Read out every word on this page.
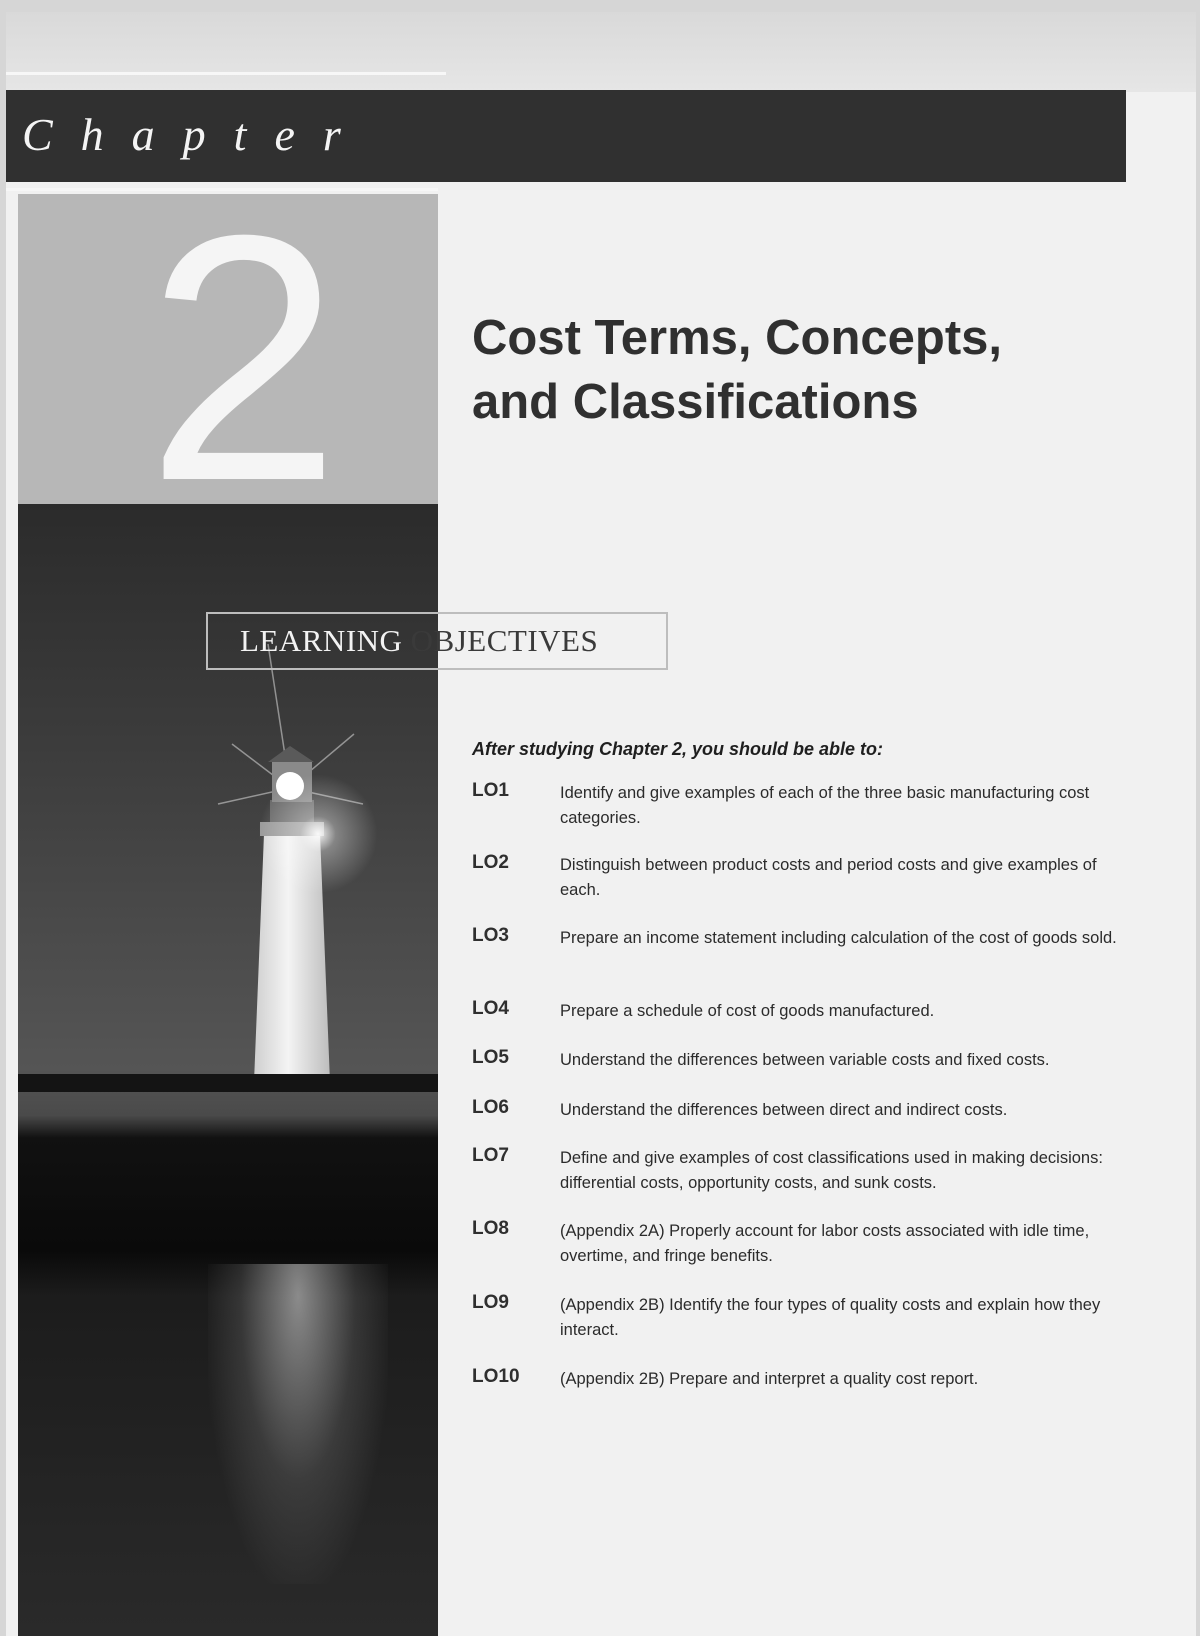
Chapter
2
LEARNING OBJECTIVES
Cost Terms, Concepts,
and Classifications
After studying Chapter 2, you should be able to:
LO1	Identify and give examples of each of the three basic manufacturing cost categories.
LO2	Distinguish between product costs and period costs and give examples of each.
LO3	Prepare an income statement including calculation of the cost of goods sold.
LO4	Prepare a schedule of cost of goods manufactured.
LO5	Understand the differences between variable costs and fixed costs.
LO6	Understand the differences between direct and indirect costs.
LO7	Define and give examples of cost classifications used in making decisions: differential costs, opportunity costs, and sunk costs.
LO8	(Appendix 2A) Properly account for labor costs associated with idle time, overtime, and fringe benefits.
LO9	(Appendix 2B) Identify the four types of quality costs and explain how they interact.
LO10 (Appendix 2B) Prepare and interpret a quality cost report.
